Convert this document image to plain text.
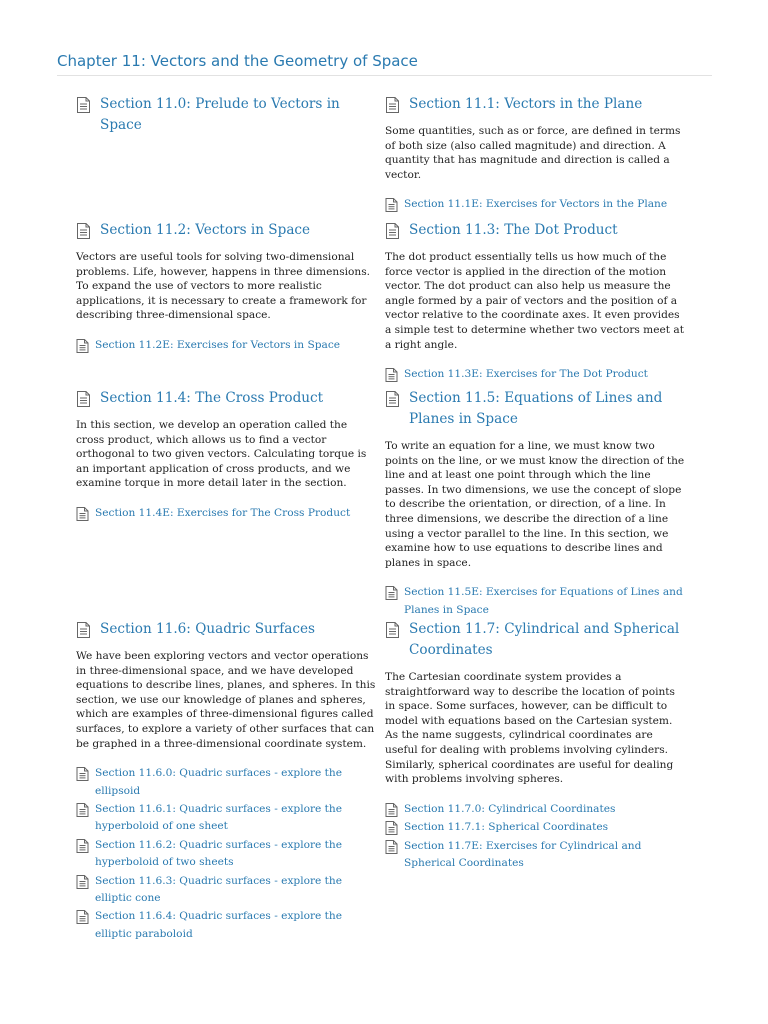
Chapter 11: Vectors and the Geometry of Space
Section 11.0: Prelude to Vectors in Space
Section 11.1: Vectors in the Plane
Some quantities, such as or force, are defined in terms of both size (also called magnitude) and direction. A quantity that has magnitude and direction is called a vector.
Section 11.1E: Exercises for Vectors in the Plane
Section 11.2: Vectors in Space
Vectors are useful tools for solving two-dimensional problems. Life, however, happens in three dimensions. To expand the use of vectors to more realistic applications, it is necessary to create a framework for describing three-dimensional space.
Section 11.2E: Exercises for Vectors in Space
Section 11.3: The Dot Product
The dot product essentially tells us how much of the force vector is applied in the direction of the motion vector. The dot product can also help us measure the angle formed by a pair of vectors and the position of a vector relative to the coordinate axes. It even provides a simple test to determine whether two vectors meet at a right angle.
Section 11.3E: Exercises for The Dot Product
Section 11.4: The Cross Product
In this section, we develop an operation called the cross product, which allows us to find a vector orthogonal to two given vectors. Calculating torque is an important application of cross products, and we examine torque in more detail later in the section.
Section 11.4E: Exercises for The Cross Product
Section 11.5: Equations of Lines and Planes in Space
To write an equation for a line, we must know two points on the line, or we must know the direction of the line and at least one point through which the line passes. In two dimensions, we use the concept of slope to describe the orientation, or direction, of a line. In three dimensions, we describe the direction of a line using a vector parallel to the line. In this section, we examine how to use equations to describe lines and planes in space.
Section 11.5E: Exercises for Equations of Lines and Planes in Space
Section 11.6: Quadric Surfaces
We have been exploring vectors and vector operations in three-dimensional space, and we have developed equations to describe lines, planes, and spheres. In this section, we use our knowledge of planes and spheres, which are examples of three-dimensional figures called surfaces, to explore a variety of other surfaces that can be graphed in a three-dimensional coordinate system.
Section 11.6.0: Quadric surfaces - explore the ellipsoid
Section 11.6.1: Quadric surfaces - explore the hyperboloid of one sheet
Section 11.6.2: Quadric surfaces - explore the hyperboloid of two sheets
Section 11.6.3: Quadric surfaces - explore the elliptic cone
Section 11.6.4: Quadric surfaces - explore the elliptic paraboloid
Section 11.7: Cylindrical and Spherical Coordinates
The Cartesian coordinate system provides a straightforward way to describe the location of points in space. Some surfaces, however, can be difficult to model with equations based on the Cartesian system. As the name suggests, cylindrical coordinates are useful for dealing with problems involving cylinders. Similarly, spherical coordinates are useful for dealing with problems involving spheres.
Section 11.7.0: Cylindrical Coordinates
Section 11.7.1: Spherical Coordinates
Section 11.7E: Exercises for Cylindrical and Spherical Coordinates
